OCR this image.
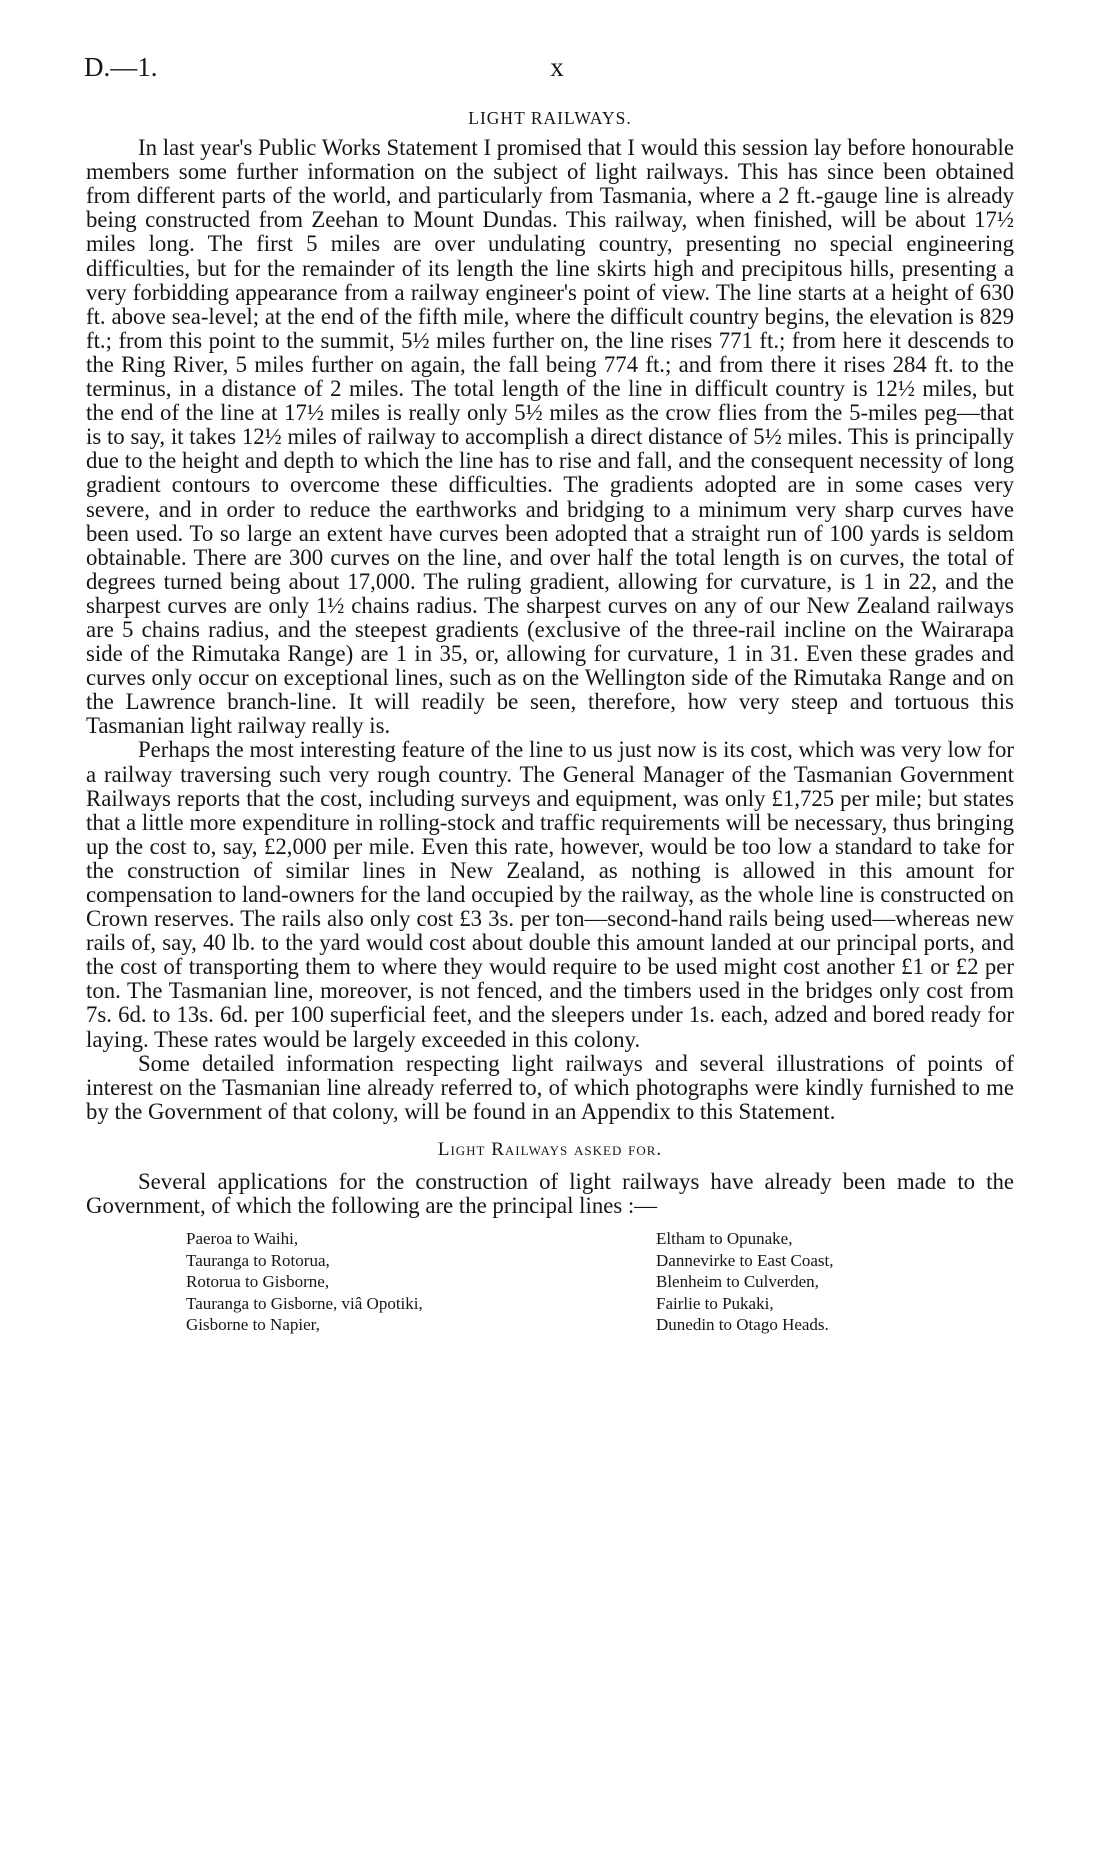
D.—1.	x
LIGHT RAILWAYS.

In last year's Public Works Statement I promised that I would this session lay before honourable members some further information on the subject of light railways. This has since been obtained from different parts of the world, and particularly from Tasmania, where a 2 ft.-gauge line is already being constructed from Zeehan to Mount Dundas. This railway, when finished, will be about 17½ miles long. The first 5 miles are over undulating country, presenting no special engineering difficulties, but for the remainder of its length the line skirts high and precipitous hills, presenting a very forbidding appearance from a railway engineer's point of view. The line starts at a height of 630 ft. above sea-level; at the end of the fifth mile, where the difficult country begins, the elevation is 829 ft.; from this point to the summit, 5½ miles further on, the line rises 771 ft.; from here it descends to the Ring River, 5 miles further on again, the fall being 774 ft.; and from there it rises 284 ft. to the terminus, in a distance of 2 miles. The total length of the line in difficult country is 12½ miles, but the end of the line at 17½ miles is really only 5½ miles as the crow flies from the 5-miles peg—that is to say, it takes 12½ miles of railway to accomplish a direct distance of 5½ miles. This is principally due to the height and depth to which the line has to rise and fall, and the consequent necessity of long gradient contours to overcome these difficulties. The gradients adopted are in some cases very severe, and in order to reduce the earthworks and bridging to a minimum very sharp curves have been used. To so large an extent have curves been adopted that a straight run of 100 yards is seldom obtainable. There are 300 curves on the line, and over half the total length is on curves, the total of degrees turned being about 17,000. The ruling gradient, allowing for curvature, is 1 in 22, and the sharpest curves are only 1½ chains radius. The sharpest curves on any of our New Zealand railways are 5 chains radius, and the steepest gradients (exclusive of the three-rail incline on the Wairarapa side of the Rimutaka Range) are 1 in 35, or, allowing for curvature, 1 in 31. Even these grades and curves only occur on exceptional lines, such as on the Wellington side of the Rimutaka Range and on the Lawrence branch-line. It will readily be seen, therefore, how very steep and tortuous this Tasmanian light railway really is.

Perhaps the most interesting feature of the line to us just now is its cost, which was very low for a railway traversing such very rough country. The General Manager of the Tasmanian Government Railways reports that the cost, including surveys and equipment, was only £1,725 per mile; but states that a little more expenditure in rolling-stock and traffic requirements will be necessary, thus bringing up the cost to, say, £2,000 per mile. Even this rate, however, would be too low a standard to take for the construction of similar lines in New Zealand, as nothing is allowed in this amount for compensation to land-owners for the land occupied by the railway, as the whole line is constructed on Crown reserves. The rails also only cost £3 3s. per ton—second-hand rails being used—whereas new rails of, say, 40 lb. to the yard would cost about double this amount landed at our principal ports, and the cost of transporting them to where they would require to be used might cost another £1 or £2 per ton. The Tasmanian line, moreover, is not fenced, and the timbers used in the bridges only cost from 7s. 6d. to 13s. 6d. per 100 superficial feet, and the sleepers under 1s. each, adzed and bored ready for laying. These rates would be largely exceeded in this colony.

Some detailed information respecting light railways and several illustrations of points of interest on the Tasmanian line already referred to, of which photographs were kindly furnished to me by the Government of that colony, will be found in an Appendix to this Statement.

Light Railways asked for.

Several applications for the construction of light railways have already been made to the Government, of which the following are the principal lines :—

Paeroa to Waihi,	Eltham to Opunake,
Tauranga to Rotorua,	Dannevirke to East Coast,
Rotorua to Gisborne,	Blenheim to Culverden,
Tauranga to Gisborne, viâ Opotiki,	Fairlie to Pukaki,
Gisborne to Napier,	Dunedin to Otago Heads.
